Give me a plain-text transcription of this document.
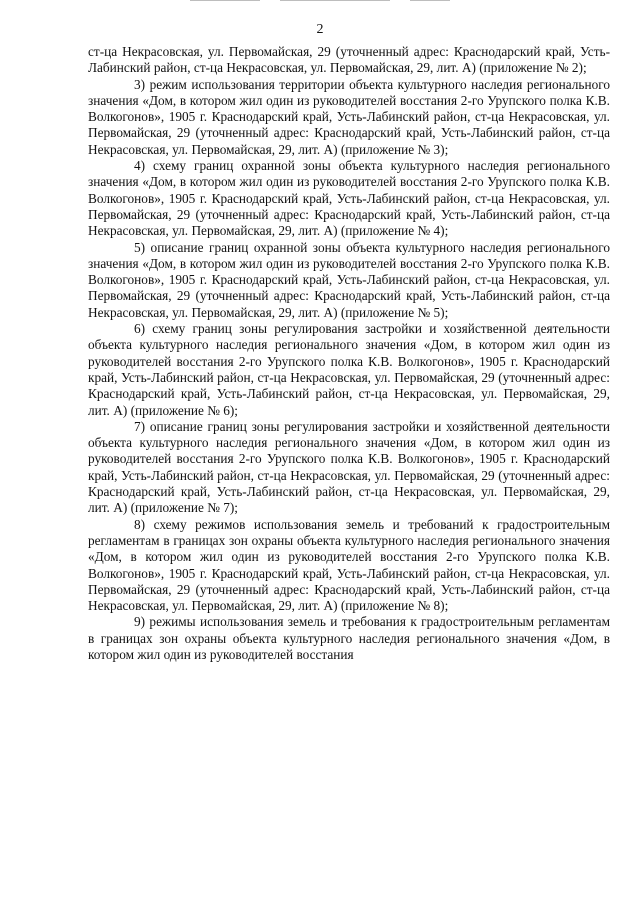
2

ст-ца Некрасовская, ул. Первомайская, 29 (уточненный адрес: Краснодарский край, Усть-Лабинский район, ст-ца Некрасовская, ул. Первомайская, 29, лит. А) (приложение № 2);

3) режим использования территории объекта культурного наследия регионального значения «Дом, в котором жил один из руководителей восстания 2-го Урупского полка К.В. Волкогонов», 1905 г. Краснодарский край, Усть-Лабинский район, ст-ца Некрасовская, ул. Первомайская, 29 (уточненный адрес: Краснодарский край, Усть-Лабинский район, ст-ца Некрасовская, ул. Первомайская, 29, лит. А) (приложение № 3);

4) схему границ охранной зоны объекта культурного наследия регионального значения «Дом, в котором жил один из руководителей восстания 2-го Урупского полка К.В. Волкогонов», 1905 г. Краснодарский край, Усть-Лабинский район, ст-ца Некрасовская, ул. Первомайская, 29 (уточненный адрес: Краснодарский край, Усть-Лабинский район, ст-ца Некрасовская, ул. Первомайская, 29, лит. А) (приложение № 4);

5) описание границ охранной зоны объекта культурного наследия регионального значения «Дом, в котором жил один из руководителей восстания 2-го Урупского полка К.В. Волкогонов», 1905 г. Краснодарский край, Усть-Лабинский район, ст-ца Некрасовская, ул. Первомайская, 29 (уточненный адрес: Краснодарский край, Усть-Лабинский район, ст-ца Некрасовская, ул. Первомайская, 29, лит. А) (приложение № 5);

6) схему границ зоны регулирования застройки и хозяйственной деятельности объекта культурного наследия регионального значения «Дом, в котором жил один из руководителей восстания 2-го Урупского полка К.В. Волкогонов», 1905 г. Краснодарский край, Усть-Лабинский район, ст-ца Некрасовская, ул. Первомайская, 29 (уточненный адрес: Краснодарский край, Усть-Лабинский район, ст-ца Некрасовская, ул. Первомайская, 29, лит. А) (приложение № 6);

7) описание границ зоны регулирования застройки и хозяйственной деятельности объекта культурного наследия регионального значения «Дом, в котором жил один из руководителей восстания 2-го Урупского полка К.В. Волкогонов», 1905 г. Краснодарский край, Усть-Лабинский район, ст-ца Некрасовская, ул. Первомайская, 29 (уточненный адрес: Краснодарский край, Усть-Лабинский район, ст-ца Некрасовская, ул. Первомайская, 29, лит. А) (приложение № 7);

8) схему режимов использования земель и требований к градостроительным регламентам в границах зон охраны объекта культурного наследия регионального значения «Дом, в котором жил один из руководителей восстания 2-го Урупского полка К.В. Волкогонов», 1905 г. Краснодарский край, Усть-Лабинский район, ст-ца Некрасовская, ул. Первомайская, 29 (уточненный адрес: Краснодарский край, Усть-Лабинский район, ст-ца Некрасовская, ул. Первомайская, 29, лит. А) (приложение № 8);

9) режимы использования земель и требования к градостроительным регламентам в границах зон охраны объекта культурного наследия регионального значения «Дом, в котором жил один из руководителей восстания
